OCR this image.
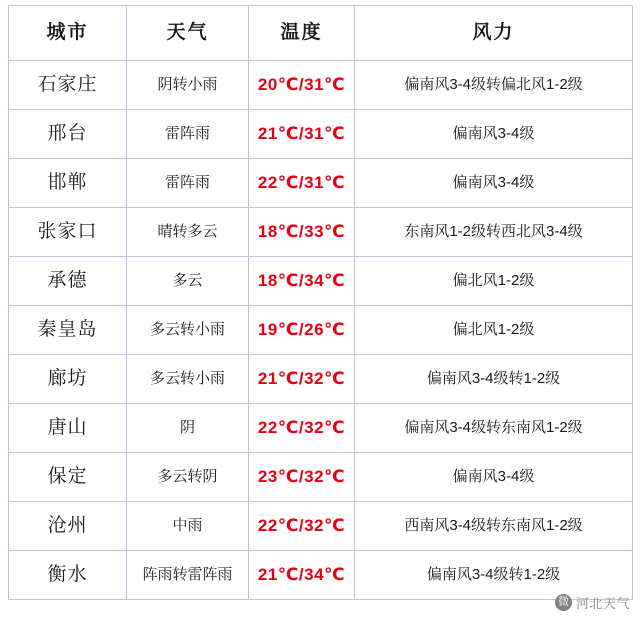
城市	天气	温度	风力
石家庄	阴转小雨	20℃/31℃	偏南风3-4级转偏北风1-2级
邢台	雷阵雨	21℃/31℃	偏南风3-4级
邯郸	雷阵雨	22℃/31℃	偏南风3-4级
张家口	晴转多云	18℃/33℃	东南风1-2级转西北风3-4级
承德	多云	18℃/34℃	偏北风1-2级
秦皇岛	多云转小雨	19℃/26℃	偏北风1-2级
廊坊	多云转小雨	21℃/32℃	偏南风3-4级转1-2级
唐山	阴	22℃/32℃	偏南风3-4级转东南风1-2级
保定	多云转阴	23℃/32℃	偏南风3-4级
沧州	中雨	22℃/32℃	西南风3-4级转东南风1-2级
衡水	阵雨转雷阵雨	21℃/34℃	偏南风3-4级转1-2级
微 河北天气
